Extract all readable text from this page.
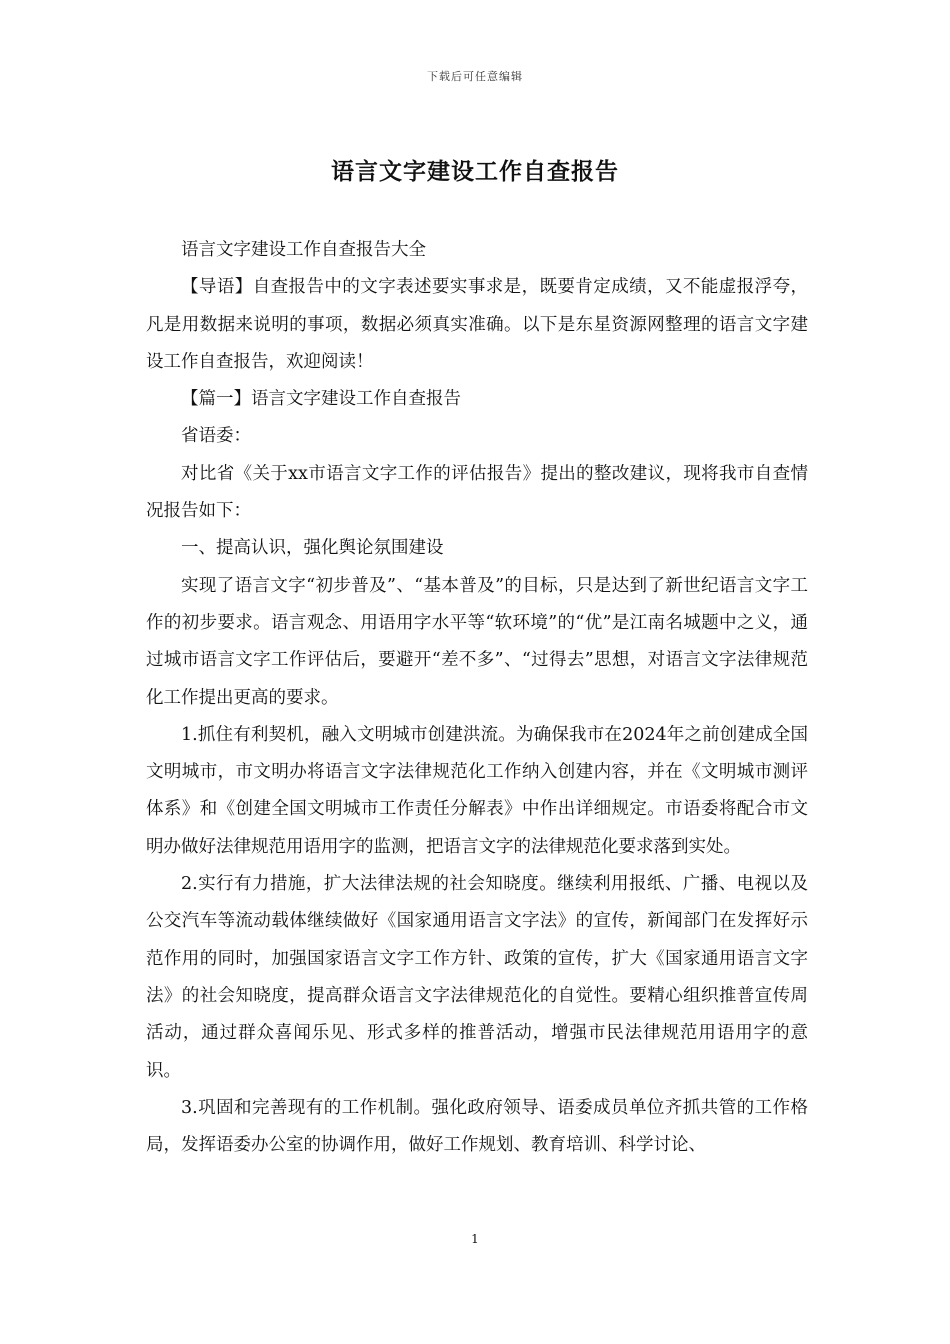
下载后可任意编辑
语言文字建设工作自查报告

语言文字建设工作自查报告大全

【导语】自查报告中的文字表述要实事求是，既要肯定成绩，又不能虚报浮夸，凡是用数据来说明的事项，数据必须真实准确。以下是东星资源网整理的语言文字建设工作自查报告，欢迎阅读！

【篇一】语言文字建设工作自查报告

省语委：

对比省《关于xx市语言文字工作的评估报告》提出的整改建议，现将我市自查情况报告如下：

一、提高认识，强化舆论氛围建设

实现了语言文字“初步普及”、“基本普及”的目标，只是达到了新世纪语言文字工作的初步要求。语言观念、用语用字水平等“软环境”的“优”是江南名城题中之义，通过城市语言文字工作评估后，要避开“差不多”、“过得去”思想，对语言文字法律规范化工作提出更高的要求。

1.抓住有利契机，融入文明城市创建洪流。为确保我市在2024年之前创建成全国文明城市，市文明办将语言文字法律规范化工作纳入创建内容，并在《文明城市测评体系》和《创建全国文明城市工作责任分解表》中作出详细规定。市语委将配合市文明办做好法律规范用语用字的监测，把语言文字的法律规范化要求落到实处。

2.实行有力措施，扩大法律法规的社会知晓度。继续利用报纸、广播、电视以及公交汽车等流动载体继续做好《国家通用语言文字法》的宣传，新闻部门在发挥好示范作用的同时，加强国家语言文字工作方针、政策的宣传，扩大《国家通用语言文字法》的社会知晓度，提高群众语言文字法律规范化的自觉性。要精心组织推普宣传周活动，通过群众喜闻乐见、形式多样的推普活动，增强市民法律规范用语用字的意识。

3.巩固和完善现有的工作机制。强化政府领导、语委成员单位齐抓共管的工作格局，发挥语委办公室的协调作用，做好工作规划、教育培训、科学讨论、

1
